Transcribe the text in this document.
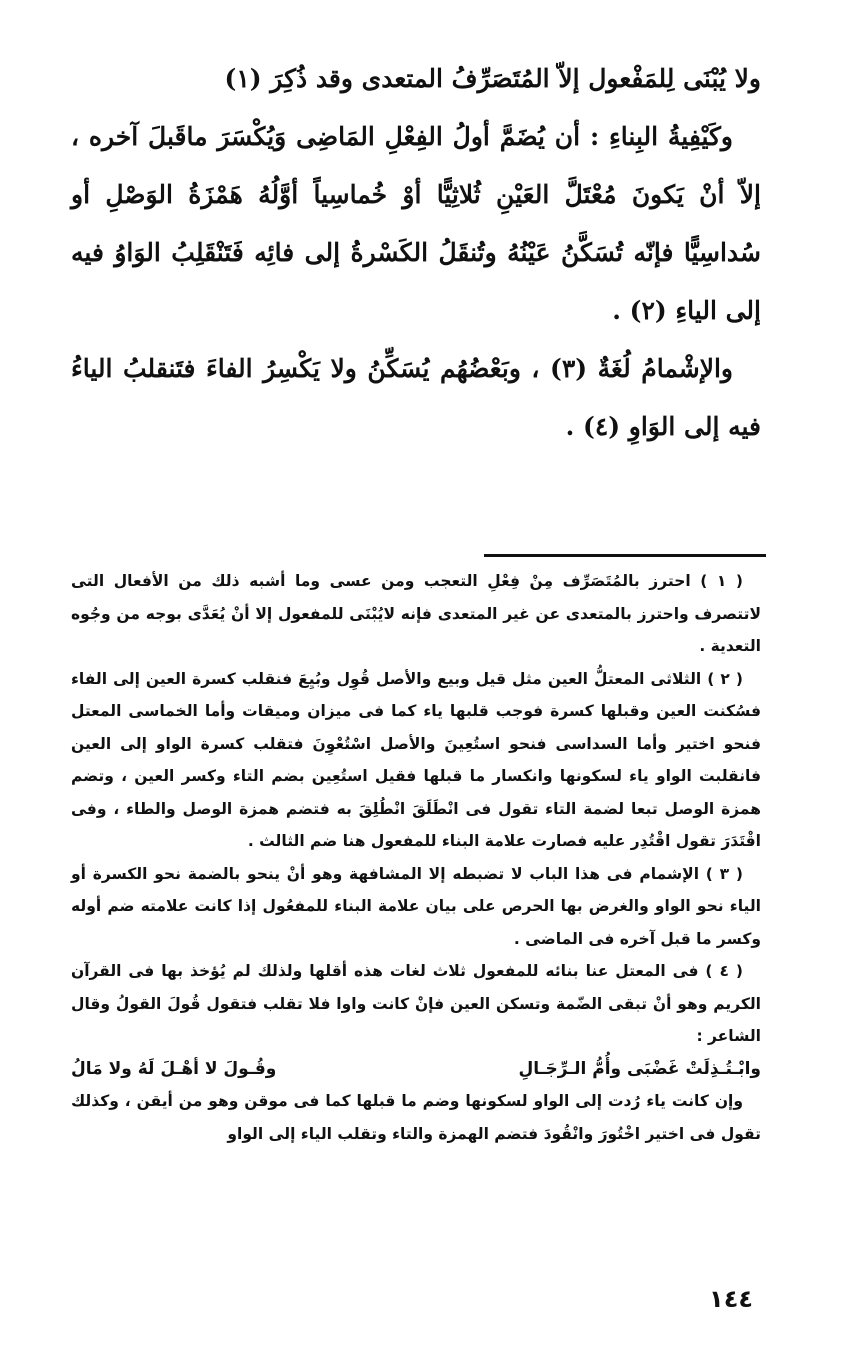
ولا يُبْنَى لِلمَفْعول إلاّ المُتَصَرِّفُ المتعدى وقد ذُكِرَ (١)

وكَيْفِيةُ البِناءِ : أن يُضَمَّ أولُ الفِعْلِ المَاضِى وَيُكْسَرَ ماقَبلَ آخره ، إلاّ أنْ يَكونَ مُعْتَلَّ العَيْنِ ثُلاثِيًّا أوْ خُماسِياً أوَّلُهُ هَمْزَةُ الوَصْلِ أو سُداسِيًّا فإنّه تُسَكَّنُ عَيْنُهُ وتُنقَلُ الكَسْرةُ إلى فائِه فَتَنْقَلِبُ الوَاوُ فيه إلى الياءِ (٢) .

والإشْمامُ لُغَةٌ (٣) ، وبَعْضُهُم يُسَكِّنُ ولا يَكْسِرُ الفاءَ فتَنقلبُ الياءُ فيه إلى الوَاوِ (٤) .

( ١ ) احترز بالمُتَصَرِّف مِنْ فِعْلِ التعجب ومن عسى وما أشبه ذلك من الأفعال التى لاتتصرف واحترز بالمتعدى عن غير المتعدى فإنه لايُبْنَى للمفعول إلا أنْ يُعَدَّى بوجه من وجُوه التعدية .

( ٢ ) الثلاثى المعتلُّ العين مثل قيل وبيع والأصل قُوِل وبُيِعَ فنقلب كسرة العين إلى الفاء فسُكنت العين وقبلها كسرة فوجب قلبها ياء كما فى ميزان وميقات وأما الخماسى المعتل فنحو اختير وأما السداسى فنحو استُعِينَ والأصل اسْتُعْوِنَ فتقلب كسرة الواو إلى العين فانقلبت الواو ياء لسكونها وانكسار ما قبلها فقيل استُعِين بضم التاء وكسر العين ، وتضم همزة الوصل تبعا لضمة التاء تقول فى انْطَلَقَ انْطُلِقَ به فتضم همزة الوصل والطاء ، وفى اقْتَدَرَ تقول اقْتُدِر عليه فصارت علامة البناء للمفعول هنا ضم الثالث .

( ٣ ) الإشمام فى هذا الباب لا تضبطه إلا المشافهة وهو أنْ ينحو بالضمة نحو الكسرة أو الياء نحو الواو والغرض بها الحرص على بيان علامة البناء للمفعُول إذا كانت علامته ضم أوله وكسر ما قبل آخره فى الماضى .

( ٤ ) فى المعتل عنا بنائه للمفعول ثلاث لغات هذه أقلها ولذلك لم يُؤخذ بها فى القرآن الكريم وهو أنْ تبقى الضّمة وتسكن العين فإنْ كانت واوا فلا تقلب فتقول قُولَ القولُ وقال الشاعر :

وابْـتُـذِلَتْ غَضْبَى وأُمُّ الـرِّجَـالِ
وقُـولَ لا أهْـلَ لَهُ ولا مَالُ

وإن كانت ياء رُدت إلى الواو لسكونها وضم ما قبلها كما فى موقن وهو من أيقن ، وكذلك تقول فى اختير اخْتُورَ وانْقُودَ فتضم الهمزة والتاء وتقلب الياء إلى الواو

١٤٤
